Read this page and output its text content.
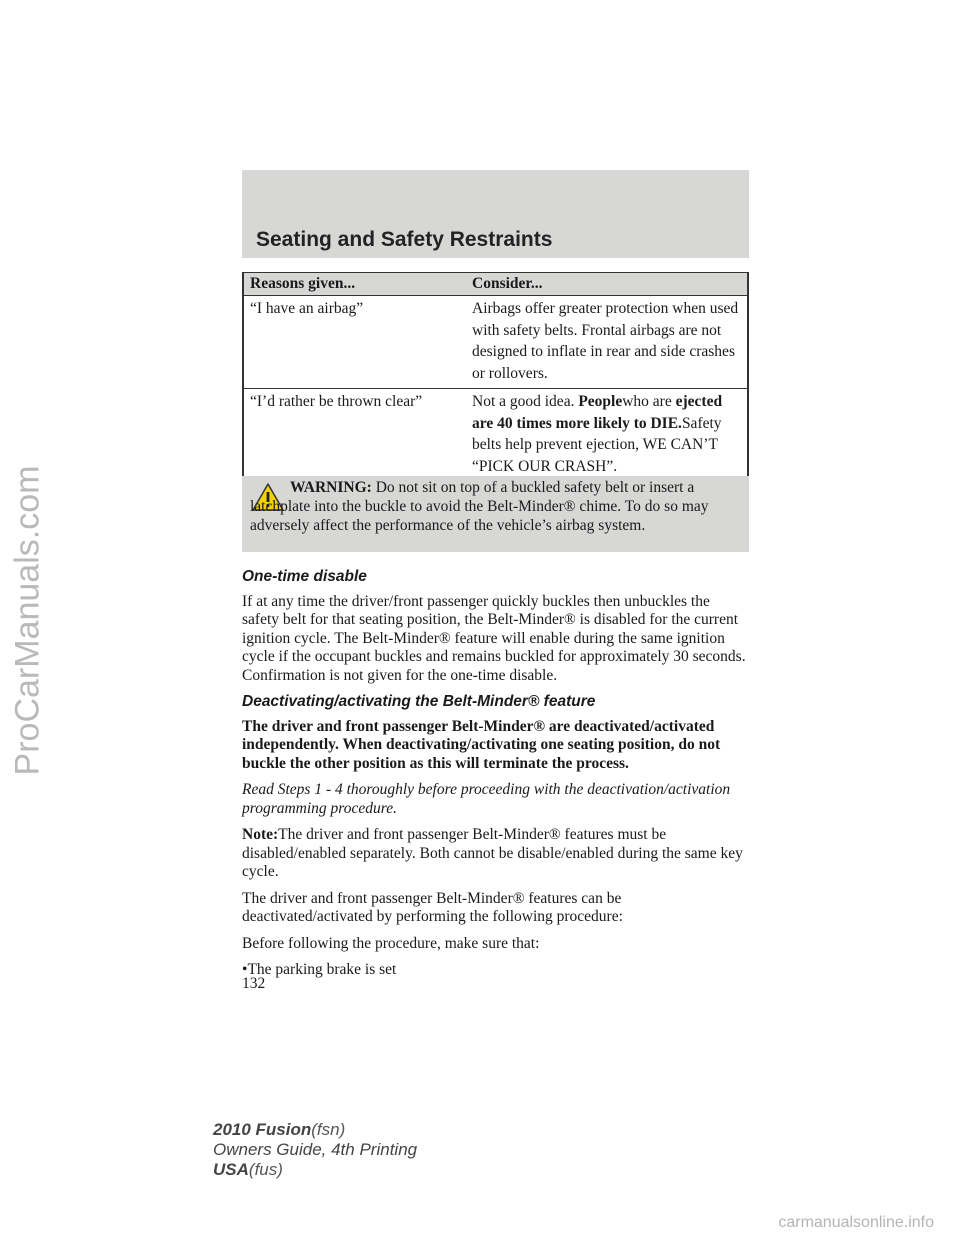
ProCarManuals.com
Seating and Safety Restraints
Reasons given...	Consider...
“I have an airbag”	Airbags offer greater protection when used with safety belts. Frontal airbags are not designed to inflate in rear and side crashes or rollovers.
“I’d rather be thrown clear”	Not a good idea. Peoplewho are ejected are 40 times more likely to DIE.Safety belts help prevent ejection, WE CAN’T “PICK OUR CRASH”.
WARNING: Do not sit on top of a buckled safety belt or insert a latchplate into the buckle to avoid the Belt-Minder® chime. To do so may adversely affect the performance of the vehicle’s airbag system.
One-time disable

If at any time the driver/front passenger quickly buckles then unbuckles the safety belt for that seating position, the Belt-Minder® is disabled for the current ignition cycle. The Belt-Minder® feature will enable during the same ignition cycle if the occupant buckles and remains buckled for approximately 30 seconds. Confirmation is not given for the one-time disable.

Deactivating/activating the Belt-Minder® feature

The driver and front passenger Belt-Minder® are deactivated/activated independently. When deactivating/activating one seating position, do not buckle the other position as this will terminate the process.

Read Steps 1 - 4 thoroughly before proceeding with the deactivation/activation programming procedure.

Note:The driver and front passenger Belt-Minder® features must be disabled/enabled separately. Both cannot be disable/enabled during the same key cycle.

The driver and front passenger Belt-Minder® features can be deactivated/activated by performing the following procedure:

Before following the procedure, make sure that:

•The parking brake is set

132
2010 Fusion(fsn)
Owners Guide, 4th Printing
USA(fus)
carmanualsonline.info
